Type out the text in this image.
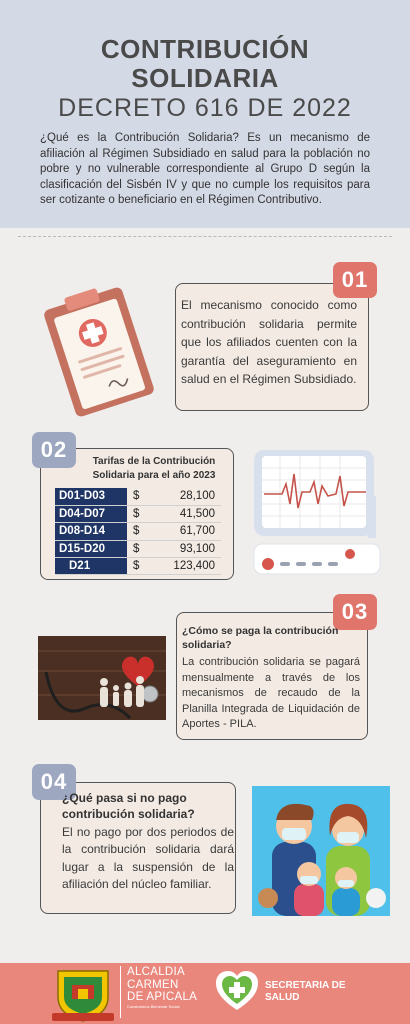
CONTRIBUCIÓN
SOLIDARIA
DECRETO 616 DE 2022
¿Qué es la Contribución Solidaria? Es un mecanismo de afiliación al Régimen Subsidiado en salud para la población no pobre y no vulnerable correspondiente al Grupo D según la clasificación del Sisbén IV y que no cumple los requisitos para ser cotizante o beneficiario en el Régimen Contributivo.
01
El mecanismo conocido como contribución solidaria permite que los afiliados cuenten con la garantía del aseguramiento en salud en el Régimen Subsidiado.
02	Tarifas de la Contribución Solidaria para el año 2023
D01-D03	$	28,100
D04-D07	$	41,500
D08-D14	$	61,700
D15-D20	$	93,100
D21	$	123,400
03
¿Cómo se paga la contribución solidaria?
La contribución solidaria se pagará mensualmente a través de los mecanismos de recaudo de la Planilla Integrada de Liquidación de Aportes - PILA.
04
¿Qué pasa si no pago contribución solidaria?
El no pago por dos periodos de la contribución solidaria dará lugar a la suspensión de la afiliación del núcleo familiar.
ALCALDIA
CARMEN
DE APICALA
Construimos Bienestar Social
SECRETARIA DE
SALUD
